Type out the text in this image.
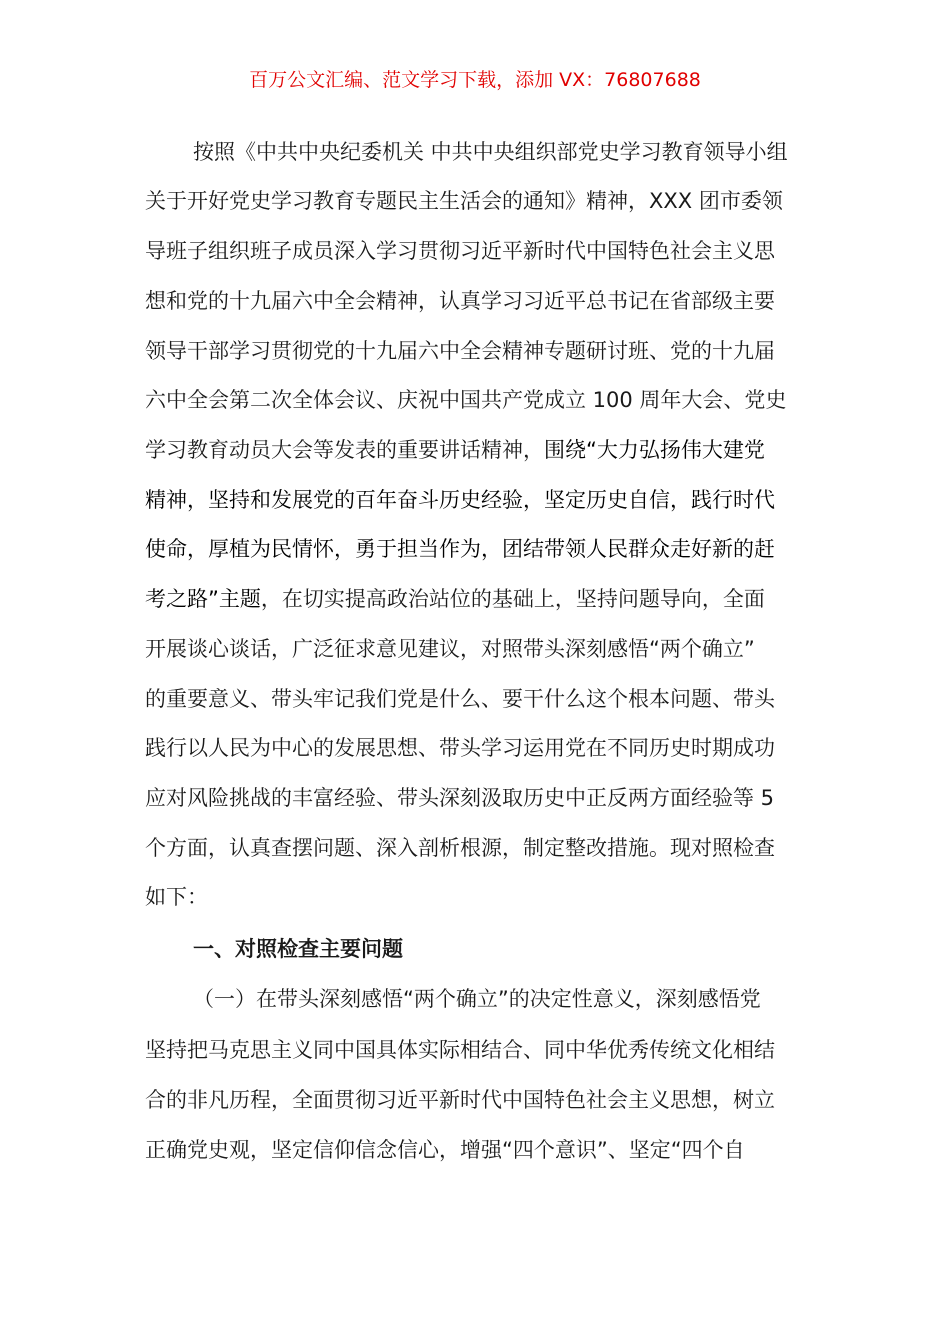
百万公文汇编、范文学习下载，添加 VX：76807688
按照《中共中央纪委机关 中共中央组织部党史学习教育领导小组
关于开好党史学习教育专题民主生活会的通知》精神，XXX 团市委领
导班子组织班子成员深入学习贯彻习近平新时代中国特色社会主义思
想和党的十九届六中全会精神，认真学习习近平总书记在省部级主要
领导干部学习贯彻党的十九届六中全会精神专题研讨班、党的十九届
六中全会第二次全体会议、庆祝中国共产党成立 100 周年大会、党史
学习教育动员大会等发表的重要讲话精神，围绕“大力弘扬伟大建党
精神，坚持和发展党的百年奋斗历史经验，坚定历史自信，践行时代
使命，厚植为民情怀，勇于担当作为，团结带领人民群众走好新的赶
考之路”主题，在切实提高政治站位的基础上，坚持问题导向，全面
开展谈心谈话，广泛征求意见建议，对照带头深刻感悟“两个确立”
的重要意义、带头牢记我们党是什么、要干什么这个根本问题、带头
践行以人民为中心的发展思想、带头学习运用党在不同历史时期成功
应对风险挑战的丰富经验、带头深刻汲取历史中正反两方面经验等 5
个方面，认真查摆问题、深入剖析根源，制定整改措施。现对照检查
如下：
一、对照检查主要问题
（一）在带头深刻感悟“两个确立”的决定性意义，深刻感悟党
坚持把马克思主义同中国具体实际相结合、同中华优秀传统文化相结
合的非凡历程，全面贯彻习近平新时代中国特色社会主义思想，树立
正确党史观，坚定信仰信念信心，增强“四个意识”、坚定“四个自
